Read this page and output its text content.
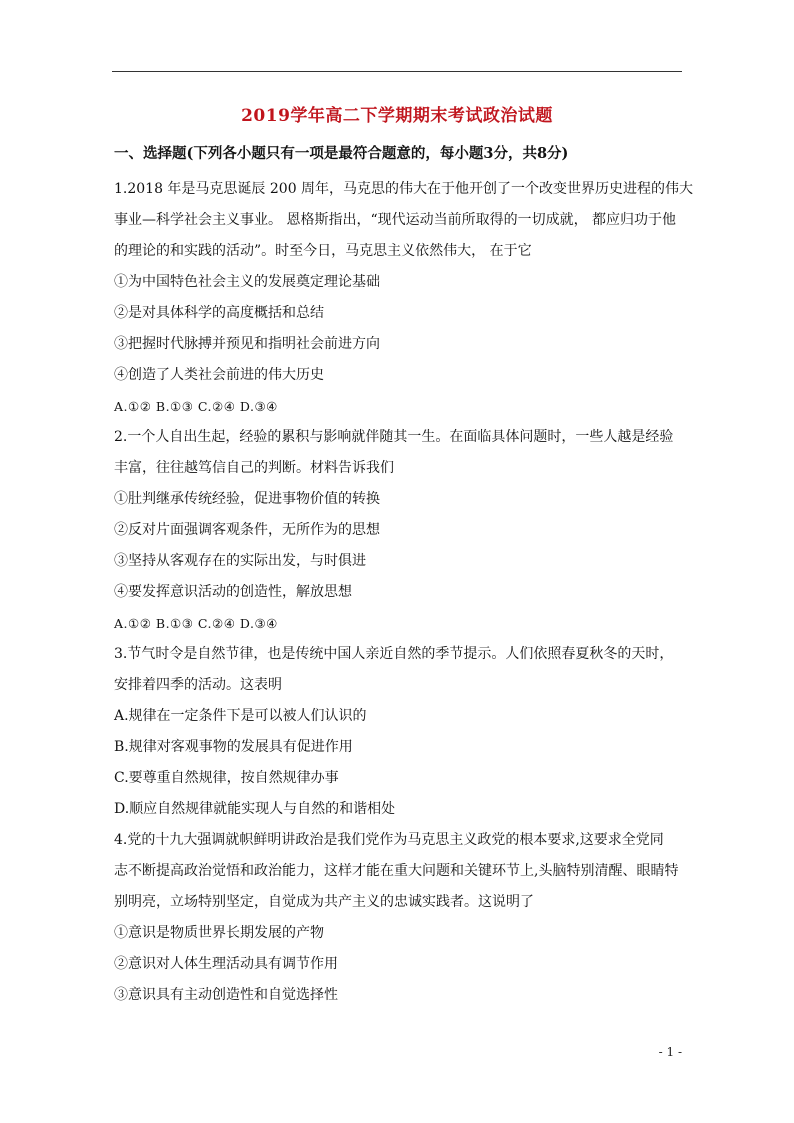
2019学年高二下学期期末考试政治试题
一、选择题(下列各小题只有一项是最符合题意的，每小题3分，共8分)
1.2018 年是马克思诞辰 200 周年，马克思的伟大在于他开创了一个改变世界历史进程的伟大
事业—科学社会主义事业。 恩格斯指出，“现代运动当前所取得的一切成就， 都应归功于他
的理论的和实践的活动”。时至今日，马克思主义依然伟大， 在于它
①为中国特色社会主义的发展奠定理论基础
②是对具体科学的高度概括和总结
③把握时代脉搏并预见和指明社会前进方向
④创造了人类社会前进的伟大历史
A.①② B.①③ C.②④ D.③④
2.一个人自出生起，经验的累积与影响就伴随其一生。在面临具体问题时，一些人越是经验
丰富，往往越笃信自己的判断。材料告诉我们
①肚判继承传统经验，促进事物价值的转换
②反对片面强调客观条件，无所作为的思想
③坚持从客观存在的实际出发，与时俱进
④要发挥意识活动的创造性，解放思想
A.①② B.①③ C.②④ D.③④
3.节气时令是自然节律，也是传统中国人亲近自然的季节提示。人们依照春夏秋冬的天时，
安排着四季的活动。这表明
A.规律在一定条件下是可以被人们认识的
B.规律对客观事物的发展具有促进作用
C.要尊重自然规律，按自然规律办事
D.顺应自然规律就能实现人与自然的和谐相处
4.党的十九大强调就帜鲜明讲政治是我们党作为马克思主义政党的根本要求,这要求全党同
志不断提高政治觉悟和政治能力，这样才能在重大问题和关键环节上,头脑特别清醒、眼睛特
别明亮，立场特别坚定，自觉成为共产主义的忠诚实践者。这说明了
①意识是物质世界长期发展的产物
②意识对人体生理活动具有调节作用
③意识具有主动创造性和自觉选择性
- 1 -
